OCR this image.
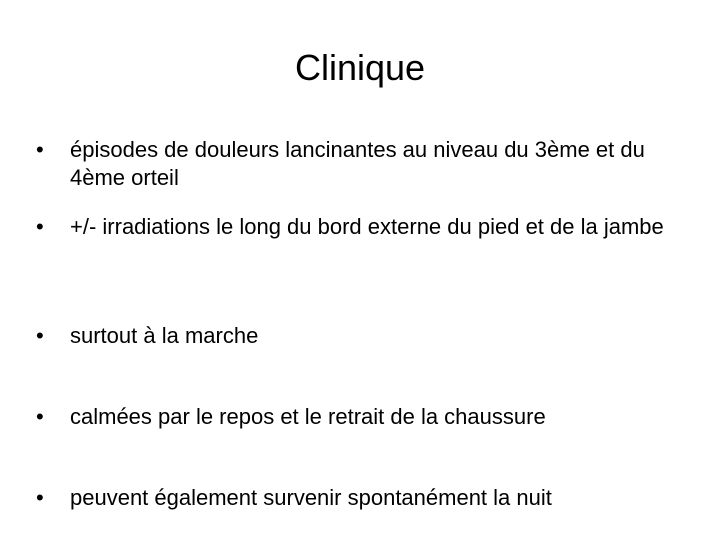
Clinique
•	épisodes de douleurs lancinantes au niveau du 3ème et du 4ème orteil
•	+/- irradiations le long du bord externe du pied et de la jambe
•	surtout à la marche
•	calmées par le repos et le retrait de la chaussure
•	peuvent également survenir spontanément la nuit
